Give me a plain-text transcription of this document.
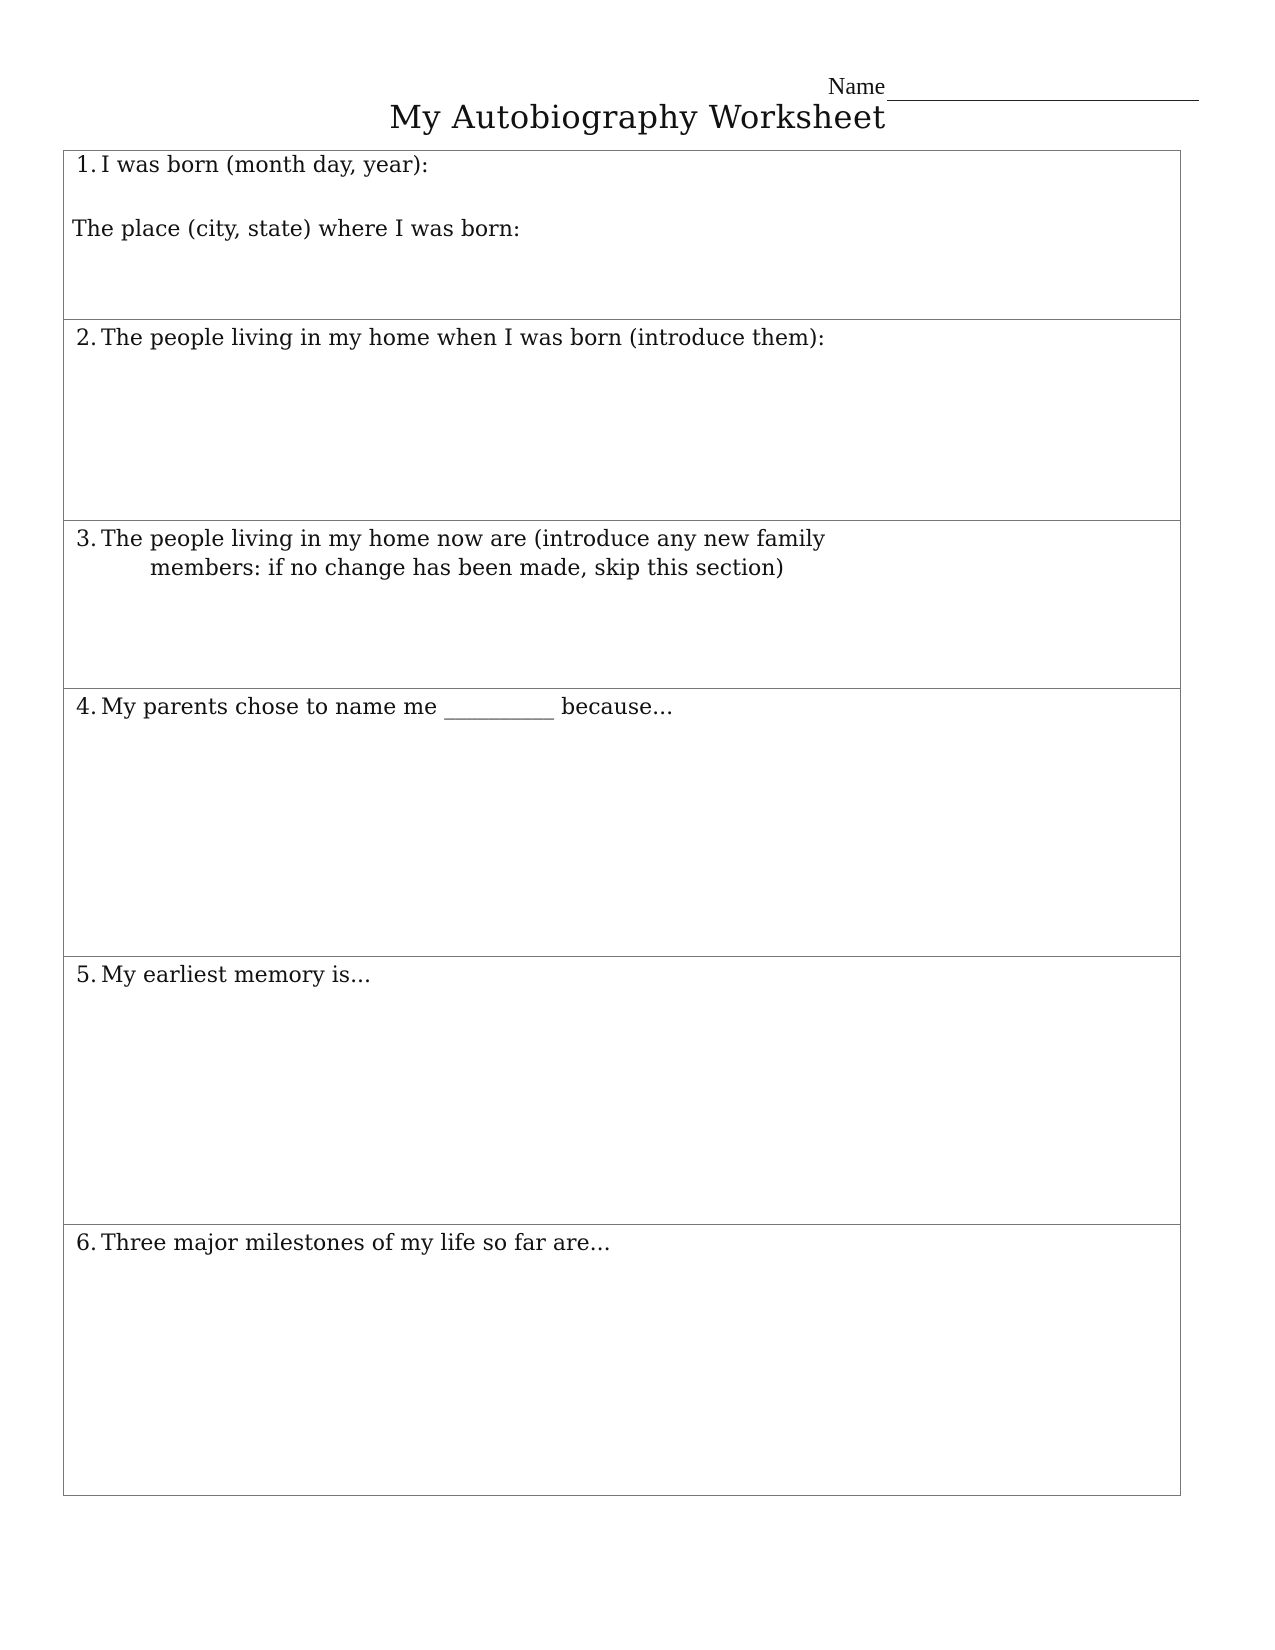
Name
My Autobiography Worksheet
1. I was born (month day, year):
The place (city, state) where I was born:
2. The people living in my home when I was born (introduce them):
3. The people living in my home now are (introduce any new family
members: if no change has been made, skip this section)
4. My parents chose to name me __________ because...
5. My earliest memory is...
6. Three major milestones of my life so far are...
